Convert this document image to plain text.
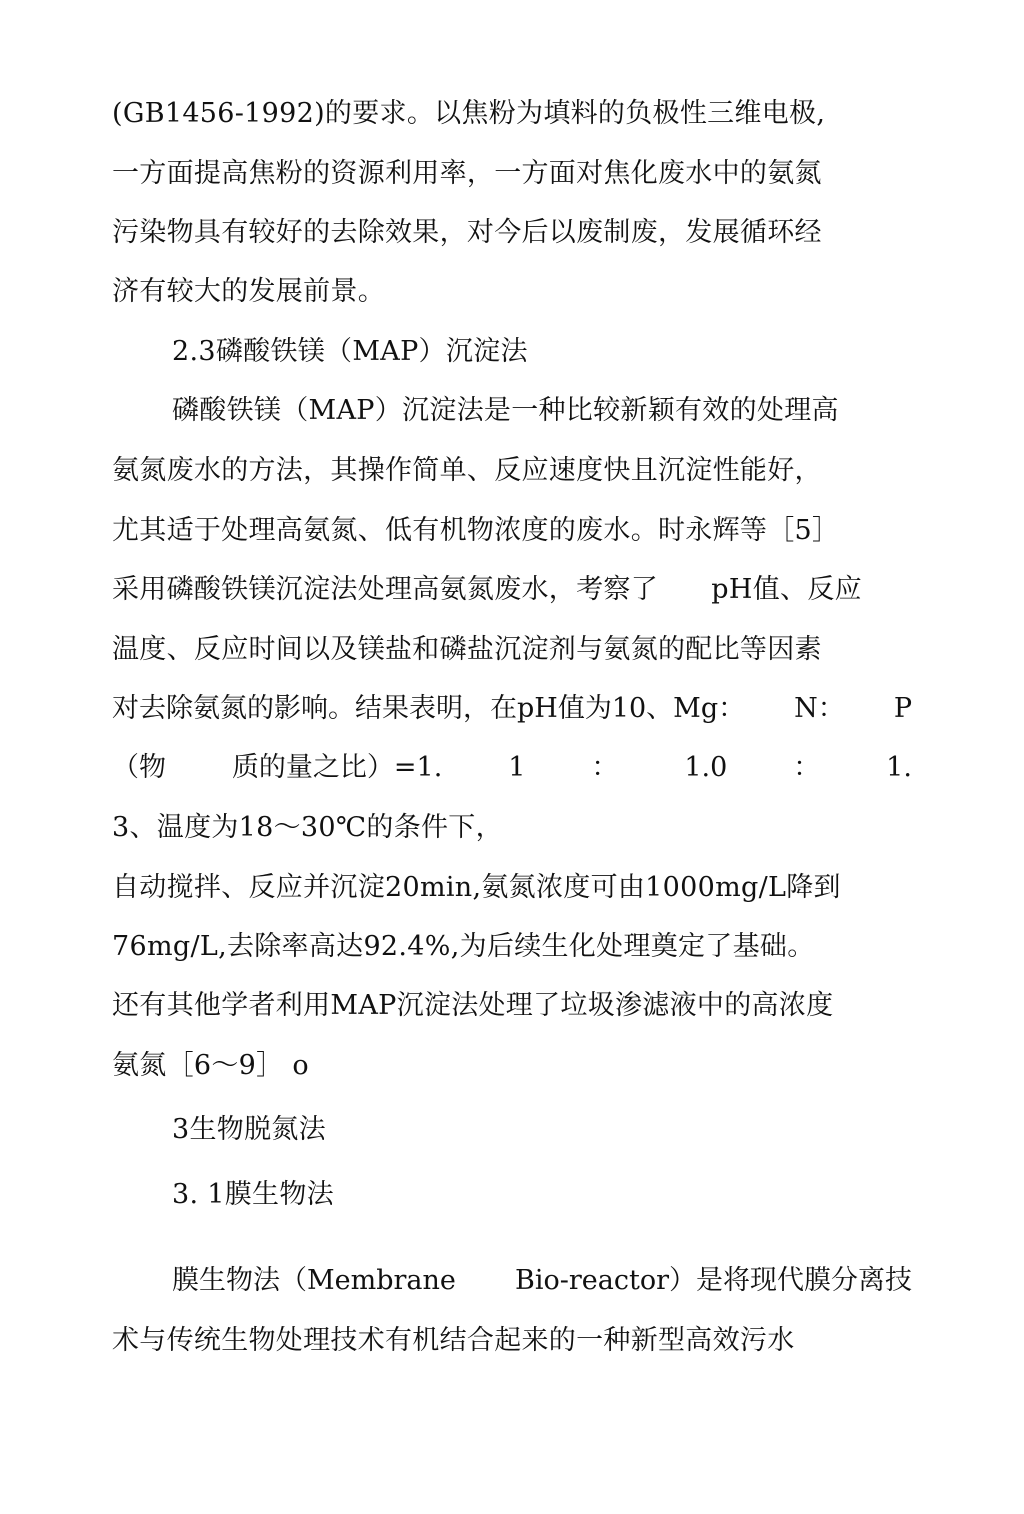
(GB1456-1992)的要求。以焦粉为填料的负极性三维电极,
一方面提高焦粉的资源利用率，一方面对焦化废水中的氨氮
污染物具有较好的去除效果，对今后以废制废，发展循环经
济有较大的发展前景。
2.3磷酸铁镁（MAP）沉淀法
磷酸铁镁（MAP）沉淀法是一种比较新颖有效的处理高
氨氮废水的方法，其操作简单、反应速度快且沉淀性能好，
尤其适于处理高氨氮、低有机物浓度的废水。时永辉等［5］
采用磷酸铁镁沉淀法处理高氨氮废水，考察了      pH值、反应
温度、反应时间以及镁盐和磷盐沉淀剂与氨氮的配比等因素
对去除氨氮的影响。结果表明，在pH值为10、Mg： N： P
（物 质的量之比）=1. 1 ： 1.0 ： 1.
3、温度为18～30℃的条件下，
自动搅拌、反应并沉淀20min,氨氮浓度可由1000mg/L降到
76mg/L,去除率高达92.4%,为后续生化处理奠定了基础。
还有其他学者利用MAP沉淀法处理了垃圾渗滤液中的高浓度
氨氮［6～9］ o
3生物脱氮法
3. 1膜生物法
膜生物法（Membrane Bio-reactor）是将现代膜分离技
术与传统生物处理技术有机结合起来的一种新型高效污水
